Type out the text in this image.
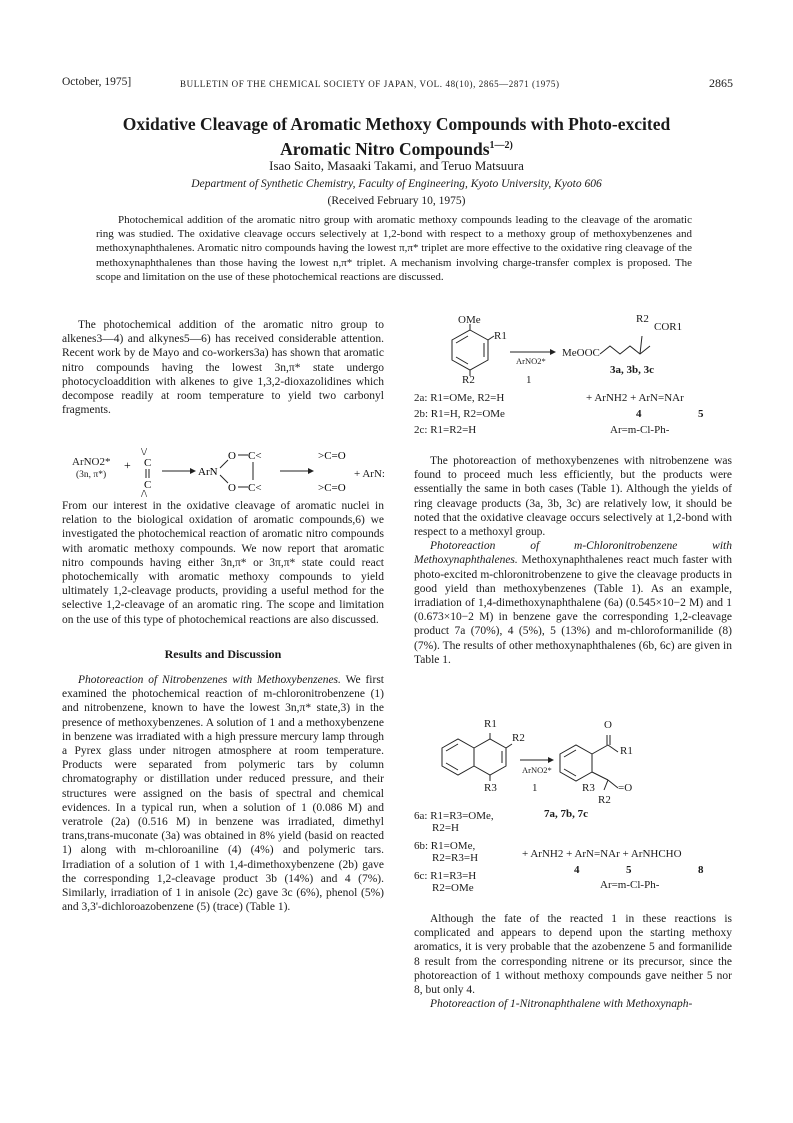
October, 1975]	BULLETIN OF THE CHEMICAL SOCIETY OF JAPAN, VOL. 48(10), 2865—2871 (1975)	2865
Oxidative Cleavage of Aromatic Methoxy Compounds with Photo-excited
Aromatic Nitro Compounds$^{1—2)}$
Isao Saito, Masaaki Takami, and Teruo Matsuura
Department of Synthetic Chemistry, Faculty of Engineering, Kyoto University, Kyoto 606
(Received February 10, 1975)

Photochemical addition of the aromatic nitro group with aromatic methoxy compounds leading to the cleavage of the aromatic ring was studied. The oxidative cleavage occurs selectively at 1,2-bond with respect to a methoxy group of methoxybenzenes and methoxynaphthalenes. Aromatic nitro compounds having the lowest π,π* triplet are more effective to the oxidative ring cleavage of the methoxynaphthalenes than those having the lowest n,π* triplet. A mechanism involving charge-transfer complex is proposed. The scope and limitation on the use of these photochemical reactions are discussed.

The photochemical addition of the aromatic nitro group to alkenes3—4) and alkynes5—6) has received considerable attention. Recent work by de Mayo and co-workers3a) has shown that aromatic nitro compounds having the lowest 3n,π* state undergo photocycloaddition with alkenes to give 1,3,2-dioxazolidines which decompose readily at room temperature to yield two carbonyl fragments.

ArNO2*
(3n, π*)
+
\/
C
C
/\
ArN
O
O
C<
C<
>C=O
>C=O
+ ArN:

From our interest in the oxidative cleavage of aromatic nuclei in relation to the biological oxidation of aromatic compounds,6) we investigated the photochemical reaction of aromatic nitro compounds with aromatic methoxy compounds. We now report that aromatic nitro compounds having either 3n,π* or 3π,π* state could react photochemically with aromatic methoxy compounds to yield ultimately 1,2-cleavage products, providing a useful method for the selective 1,2-cleavage of an aromatic ring. The scope and limitation on the use of this type of photochemical reactions are also discussed.

Results and Discussion

Photoreaction of Nitrobenzenes with Methoxybenzenes. We first examined the photochemical reaction of m-chloronitrobenzene (1) and nitrobenzene, known to have the lowest 3n,π* state,3) in the presence of methoxybenzenes. A solution of 1 and a methoxybenzene in benzene was irradiated with a high pressure mercury lamp through a Pyrex glass under nitrogen atmosphere at room temperature. Products were separated from polymeric tars by column chromatography or distillation under reduced pressure, and their structures were assigned on the basis of spectral and chemical evidences. In a typical run, when a solution of 1 (0.086 M) and veratrole (2a) (0.516 M) in benzene was irradiated, dimethyl trans,trans-muconate (3a) was obtained in 8% yield (basid on reacted 1) along with m-chloroaniline (4) (4%) and polymeric tars. Irradiation of a solution of 1 with 1,4-dimethoxybenzene (2b) gave the corresponding 1,2-cleavage product 3b (14%) and 4 (7%). Similarly, irradiation of 1 in anisole (2c) gave 3c (6%), phenol (5%) and 3,3'-dichloroazobenzene (5) (trace) (Table 1).

OMe
R1
R2
ArNO2*
1
MeOOC
R2
COR1
3a, 3b, 3c
2a: R1=OMe, R2=H
2b: R1=H, R2=OMe
2c: R1=R2=H
+ ArNH2 + ArN=NAr
4	5
Ar=m-Cl-Ph-

The photoreaction of methoxybenzenes with nitrobenzene was found to proceed much less efficiently, but the products were essentially the same in both cases (Table 1). Although the yields of ring cleavage products (3a, 3b, 3c) are relatively low, it should be noted that the oxidative cleavage occurs selectively at 1,2-bond with respect to a methoxyl group.

Photoreaction of m-Chloronitrobenzene with Methoxynaphthalenes. Methoxynaphthalenes react much faster with photo-excited m-chloronitrobenzene to give the cleavage products in good yield than methoxybenzenes (Table 1). As an example, irradiation of 1,4-dimethoxynaphthalene (6a) (0.545×10−2 M) and 1 (0.673×10−2 M) in benzene gave the corresponding 1,2-cleavage product 7a (70%), 4 (5%), 5 (13%) and m-chloroformanilide (8) (7%). The results of other methoxynaphthalenes (6b, 6c) are given in Table 1.

R1
R2
R3
ArNO2*
1
O
R1
R3 =O
R2
7a, 7b, 7c
6a: R1=R3=OMe,
R2=H
6b: R1=OMe,
R2=R3=H
6c: R1=R3=H
R2=OMe
+ ArNH2 + ArN=NAr + ArNHCHO
4	5	8
Ar=m-Cl-Ph-

Although the fate of the reacted 1 in these reactions is complicated and appears to depend upon the starting methoxy aromatics, it is very probable that the azobenzene 5 and formanilide 8 result from the corresponding nitrene or its precursor, since the photoreaction of 1 without methoxy compounds gave neither 5 nor 8, but only 4.

Photoreaction of 1-Nitronaphthalene with Methoxynaph-
